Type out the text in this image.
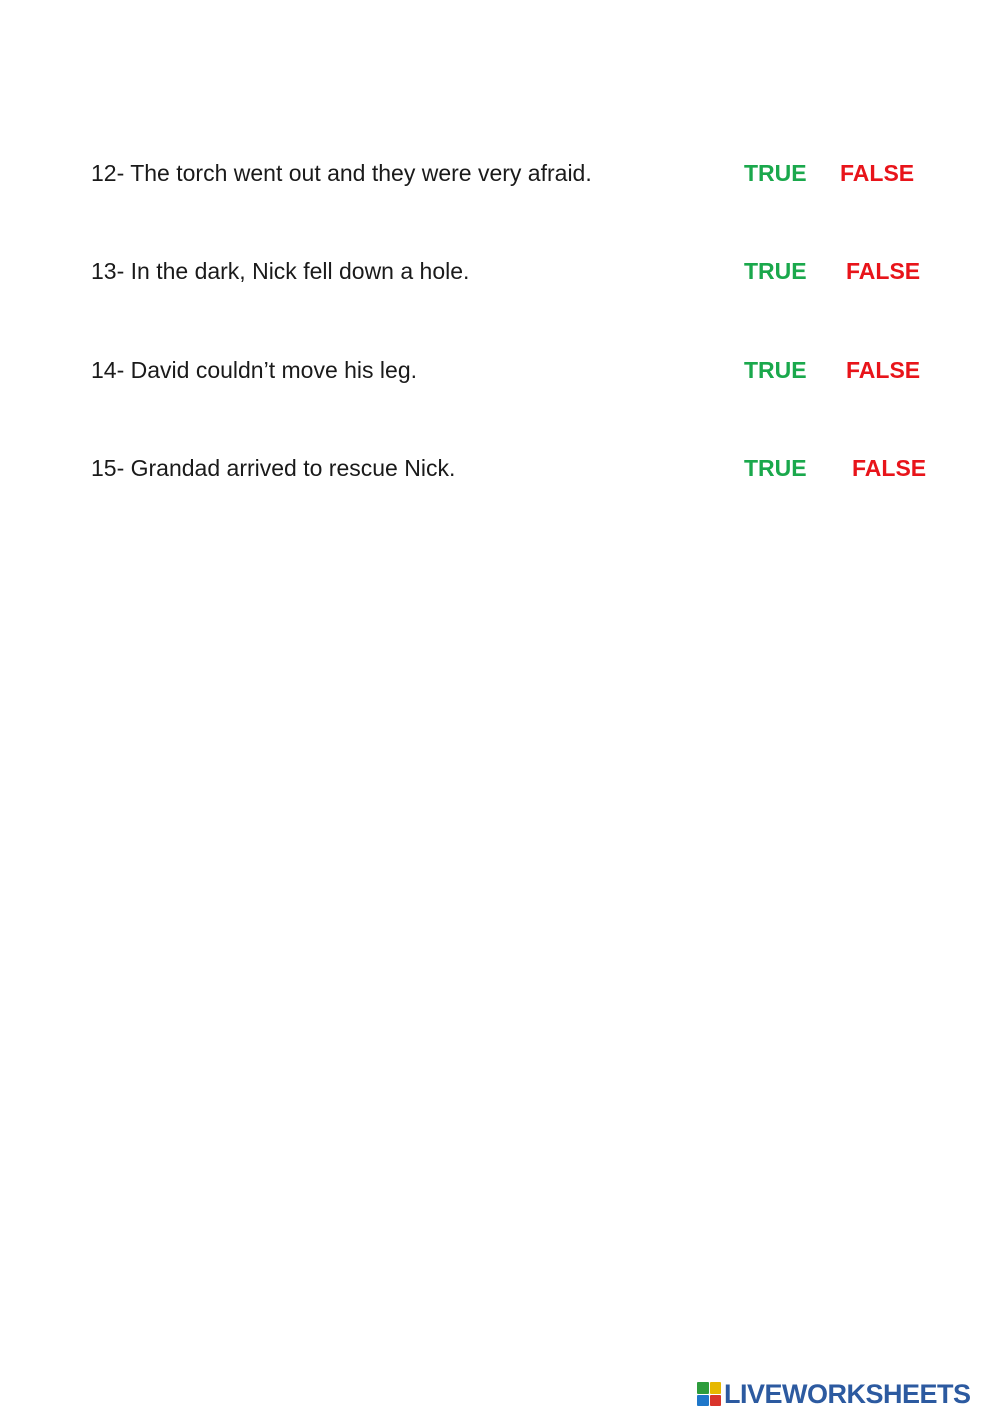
12- The torch went out and they were very afraid.	TRUE FALSE
13- In the dark, Nick fell down a hole.	TRUE FALSE
14- David couldn’t move his leg.	TRUE FALSE
15- Grandad arrived to rescue Nick.	TRUE FALSE
LIVEWORKSHEETS
